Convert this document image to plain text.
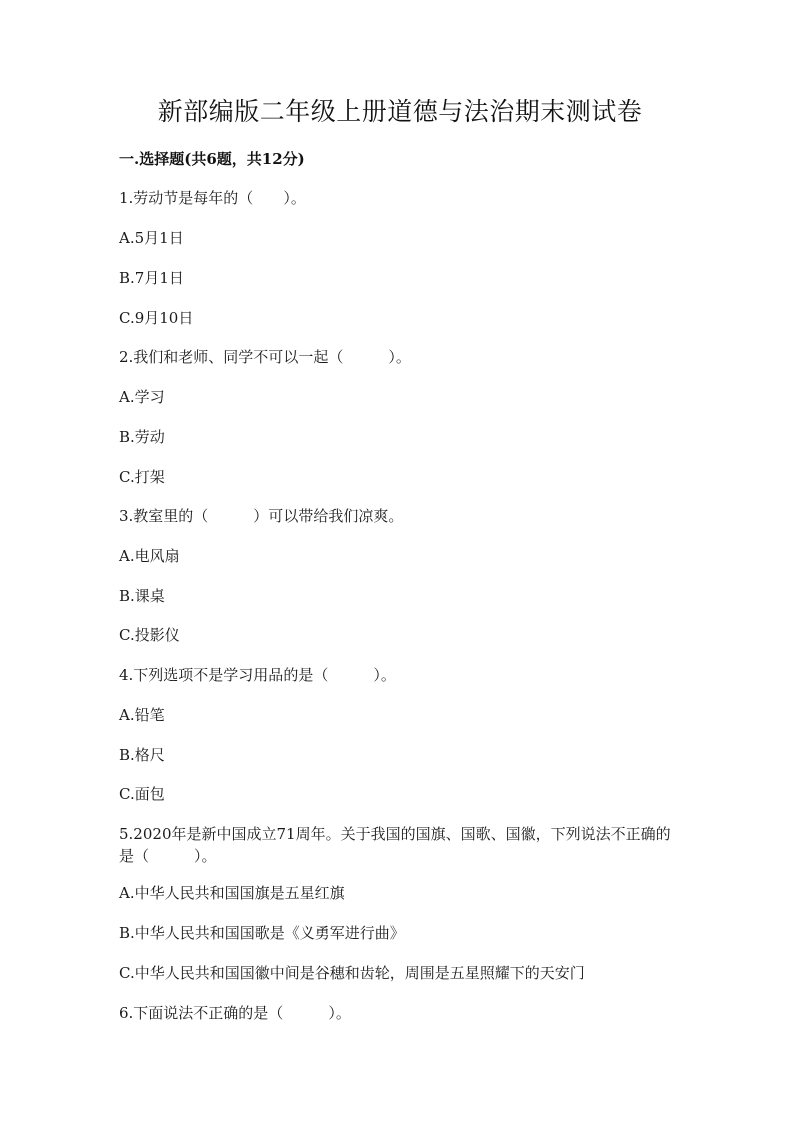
新部编版二年级上册道德与法治期末测试卷
一.选择题(共6题，共12分)
1.劳动节是每年的（　　）。
A.5月1日
B.7月1日
C.9月10日
2.我们和老师、同学不可以一起（　　　）。
A.学习
B.劳动
C.打架
3.教室里的（　　　）可以带给我们凉爽。
A.电风扇
B.课桌
C.投影仪
4.下列选项不是学习用品的是（　　　）。
A.铅笔
B.格尺
C.面包
5.2020年是新中国成立71周年。关于我国的国旗、国歌、国徽，下列说法不正确的是（　　　）。
A.中华人民共和国国旗是五星红旗
B.中华人民共和国国歌是《义勇军进行曲》
C.中华人民共和国国徽中间是谷穗和齿轮，周围是五星照耀下的天安门
6.下面说法不正确的是（　　　）。
